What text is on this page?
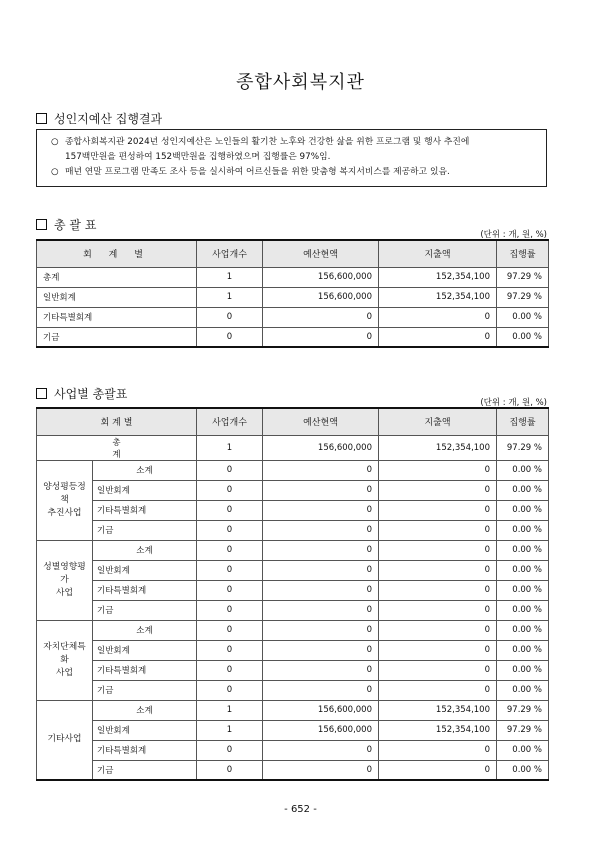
종합사회복지관
성인지예산 집행결과
○ 종합사회복지관 2024년 성인지예산은 노인들의 활기찬 노후와 건강한 삶을 위한 프로그램 및 행사 추진에
157백만원을 편성하여 152백만원을 집행하였으며 집행률은 97%임.
○ 매년 연말 프로그램 만족도 조사 등을 실시하여 어르신들을 위한 맞춤형 복지서비스를 제공하고 있음.
총 괄 표
(단위 : 개, 원, %)
회 계 별	사업개수	예산현액	지출액	집행률
총계	1	156,600,000	152,354,100	97.29 %
일반회계	1	156,600,000	152,354,100	97.29 %
기타특별회계	0	0	0	0.00 %
기금	0	0	0	0.00 %
사업별 총괄표
(단위 : 개, 원, %)
회 계 별		사업개수	예산현액	지출액	집행률
총계		1	156,600,000	152,354,100	97.29 %

양성평등정책
추진사업	소계	0	0	0	0.00 %
	일반회계	0	0	0	0.00 %
	기타특별회계	0	0	0	0.00 %
	기금	0	0	0	0.00 %

성별영향평가
사업	소계	0	0	0	0.00 %
	일반회계	0	0	0	0.00 %
	기타특별회계	0	0	0	0.00 %
	기금	0	0	0	0.00 %

자치단체특화
사업	소계	0	0	0	0.00 %
	일반회계	0	0	0	0.00 %
	기타특별회계	0	0	0	0.00 %
	기금	0	0	0	0.00 %

기타사업	소계	1	156,600,000	152,354,100	97.29 %
	일반회계	1	156,600,000	152,354,100	97.29 %
	기타특별회계	0	0	0	0.00 %
	기금	0	0	0	0.00 %
- 652 -
